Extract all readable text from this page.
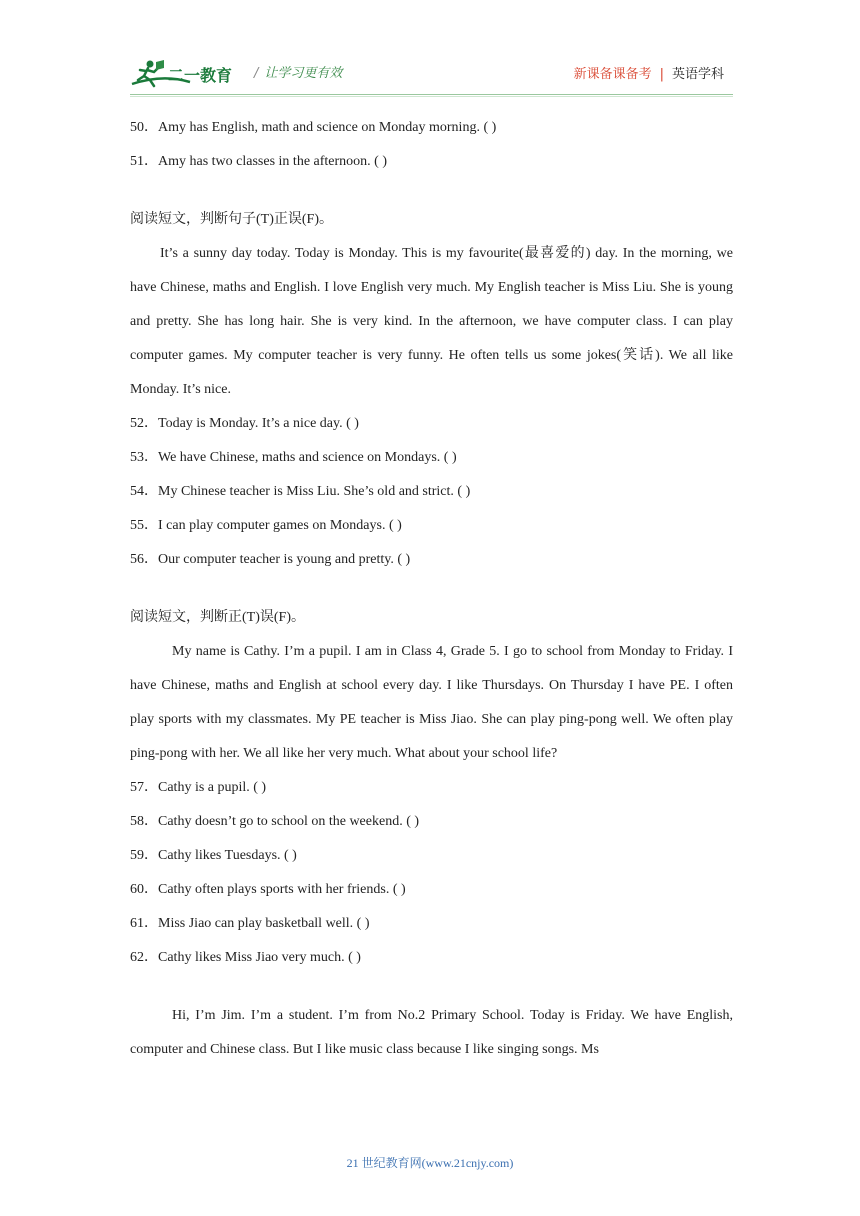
二一教育 / 让学习更有效	新课备课备考 | 英语学科
50．Amy has English, math and science on Monday morning. ( )
51．Amy has two classes in the afternoon. ( )
阅读短文，判断句子(T)正误(F)。

It’s a sunny day today. Today is Monday. This is my favourite(最喜爱的) day. In the morning, we have Chinese, maths and English. I love English very much. My English teacher is Miss Liu. She is young and pretty. She has long hair. She is very kind. In the afternoon, we have computer class. I can play computer games. My computer teacher is very funny. He often tells us some jokes(笑话). We all like Monday. It’s nice.

52．Today is Monday. It’s a nice day. ( )
53．We have Chinese, maths and science on Mondays. ( )
54．My Chinese teacher is Miss Liu. She’s old and strict. ( )
55．I can play computer games on Mondays. ( )
56．Our computer teacher is young and pretty. ( )
阅读短文，判断正(T)误(F)。

My name is Cathy. I’m a pupil. I am in Class 4, Grade 5. I go to school from Monday to Friday. I have Chinese, maths and English at school every day. I like Thursdays. On Thursday I have PE. I often play sports with my classmates. My PE teacher is Miss Jiao. She can play ping-pong well. We often play ping-pong with her. We all like her very much. What about your school life?

57．Cathy is a pupil. ( )
58．Cathy doesn’t go to school on the weekend. ( )
59．Cathy likes Tuesdays. ( )
60．Cathy often plays sports with her friends. ( )
61．Miss Jiao can play basketball well. ( )
62．Cathy likes Miss Jiao very much. ( )

Hi, I’m Jim. I’m a student. I’m from No.2 Primary School. Today is Friday. We have English, computer and Chinese class. But I like music class because I like singing songs. Ms

21 世纪教育网(www.21cnjy.com)
